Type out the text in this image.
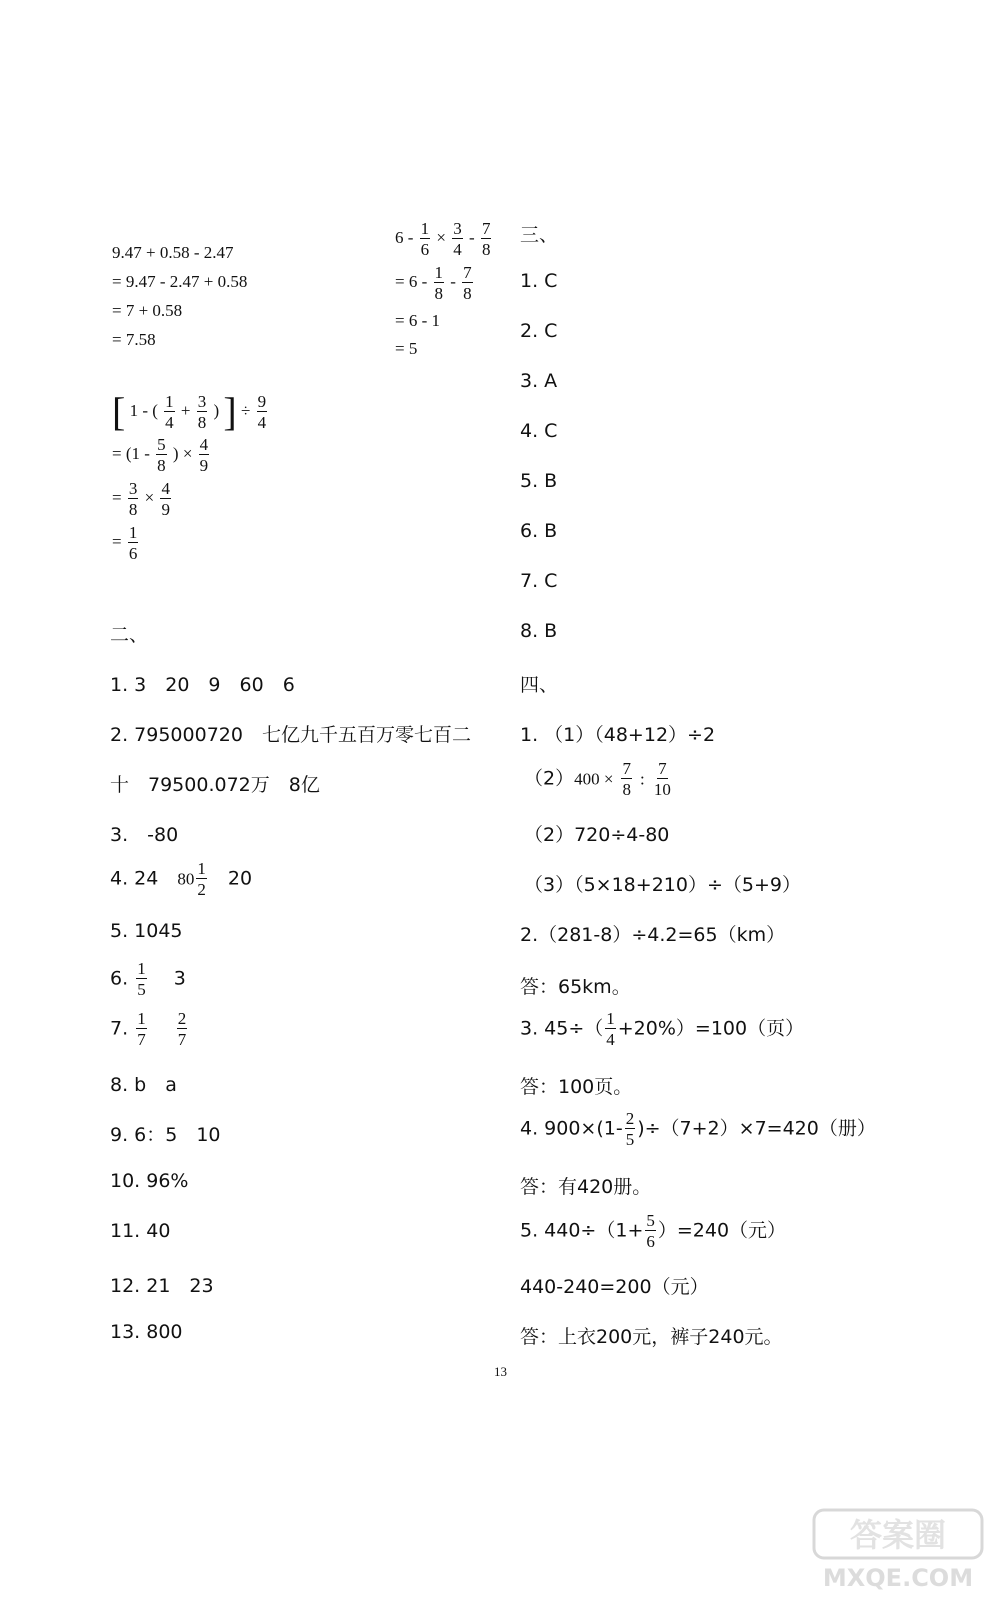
9.47 + 0.58 - 2.47
= 9.47 - 2.47 + 0.58
= 7 + 0.58
= 7.58
$6 - \frac{1}{6} \times \frac{3}{4} - \frac{7}{8}$
= $6 - \frac{1}{8} - \frac{7}{8}$
= 6 - 1
= 5
[ 1 - ( $\frac{1}{4} + \frac{3}{8}$ ) ] ÷ $\frac{9}{4}$
= ($1 - \frac{5}{8}$ ) × $\frac{4}{9}$
= $\frac{3}{8} \times \frac{4}{9}$
= $\frac{1}{6}$
二、
1. 3　20　9　60　6
2. 795000720　七亿九千五百万零七百二
十　79500.072万　8亿
3.　-80
4. 24　$80 \frac{1}{2}$ 　20
5. 1045
6. $\frac{1}{5}$ 　3
7. $\frac{1}{7}$
$\frac{2}{7}$
8. b　a
9. 6：5　10
10. 96%
11. 40
12. 21　23
13. 800
三、
1. C
2. C
3. A
4. C
5. B
6. B
7. C
8. B
四、
1. （1）（48+12）÷2
$(2)400 \times \frac{7}{8}$ : $\frac{7}{10}$
（2）720÷4-80
（3）（5×18+210）÷（5+9）
2.（281-8）÷4.2=65（km）
答：65km。
3. $45\div( \frac{1}{4} +20\%)=100$（页）
答：100页。
4. $900\times(1- \frac{2}{5} )\div(7+2)\times 7=420$（册）
答：有420册。
5. $440\div(1+ \frac{5}{6} )=240$（元）
440-240=200（元）
答：上衣200元，裤子240元。
13
答案圈
MXQE.COM
